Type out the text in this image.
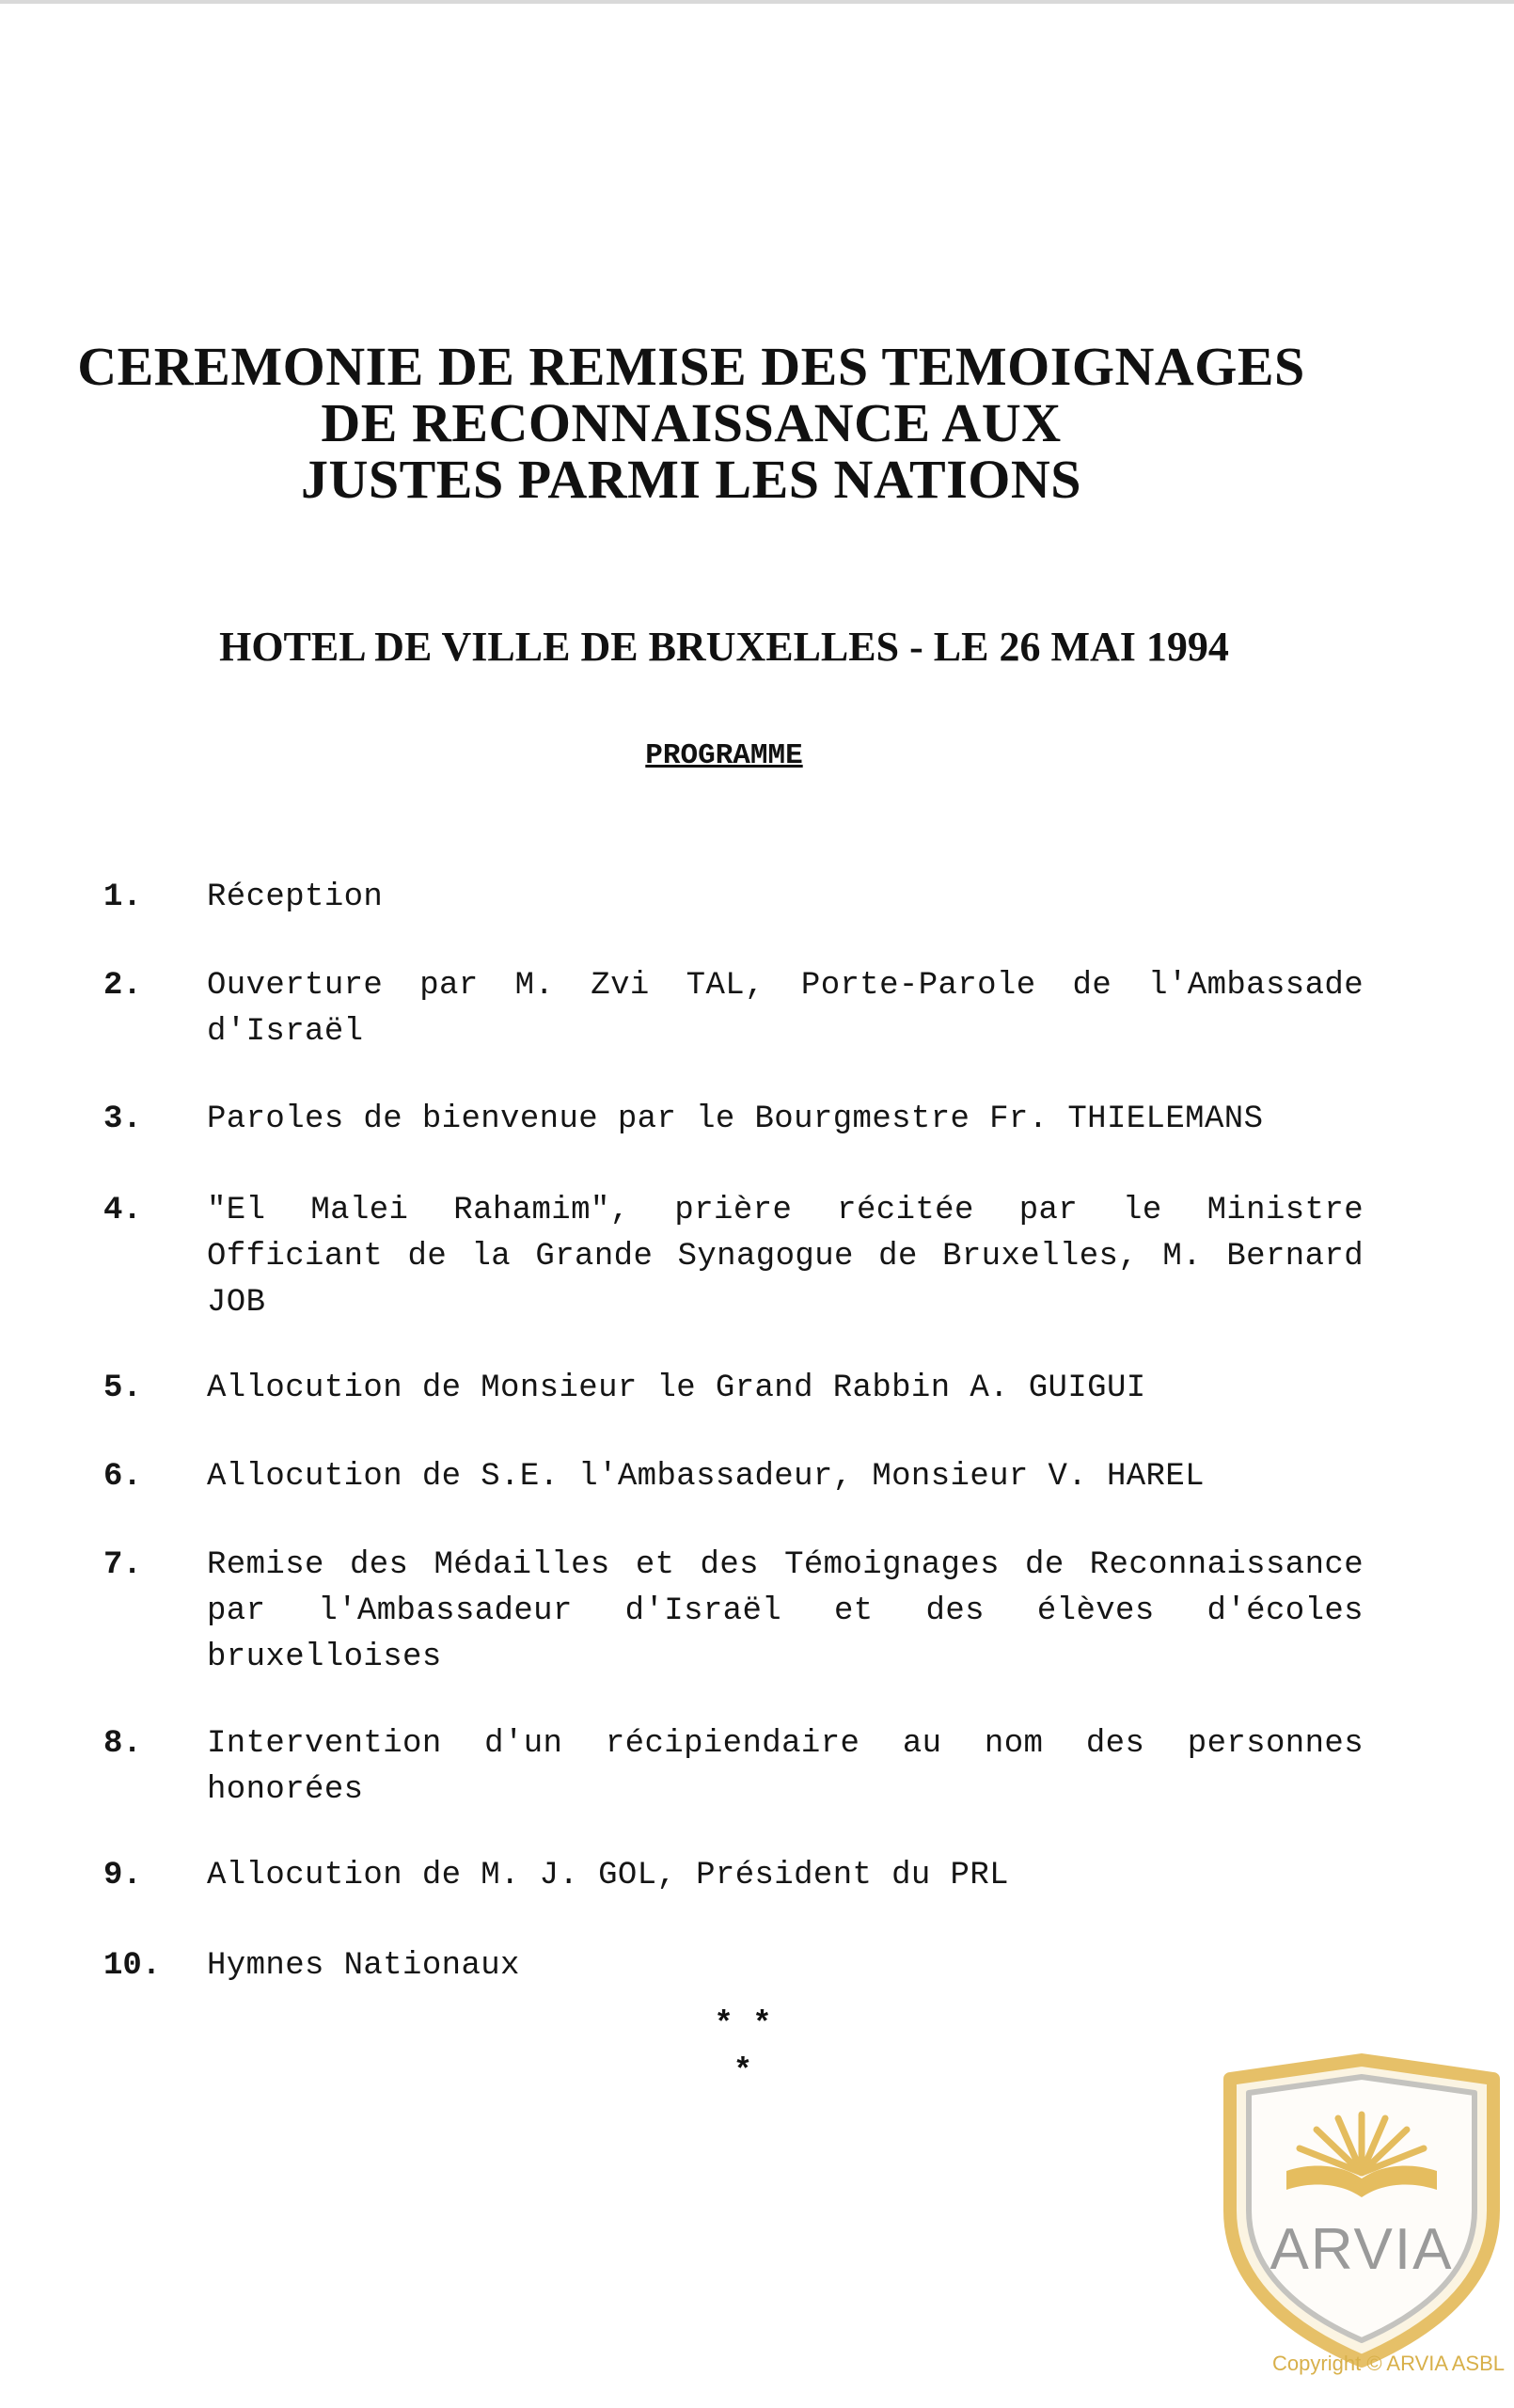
CEREMONIE DE REMISE DES TEMOIGNAGES
DE RECONNAISSANCE AUX
JUSTES PARMI LES NATIONS
HOTEL DE VILLE DE BRUXELLES - LE 26 MAI 1994
PROGRAMME
1.	Réception
2.	Ouverture par M. Zvi TAL, Porte-Parole de l'Ambassade d'Israël
3.	Paroles de bienvenue par le Bourgmestre Fr. THIELEMANS
4.	"El Malei Rahamim", prière récitée par le Ministre Officiant de la Grande Synagogue de Bruxelles, M. Bernard JOB
5.	Allocution de Monsieur le Grand Rabbin A. GUIGUI
6.	Allocution de S.E. l'Ambassadeur, Monsieur V. HAREL
7.	Remise des Médailles et des Témoignages de Reconnaissance par l'Ambassadeur d'Israël et des élèves d'écoles bruxelloises
8.	Intervention d'un récipiendaire au nom des personnes honorées
9.	Allocution de M. J. GOL, Président du PRL
10.	Hymnes Nationaux
* *
*
ARVIA
Copyright © ARVIA ASBL
